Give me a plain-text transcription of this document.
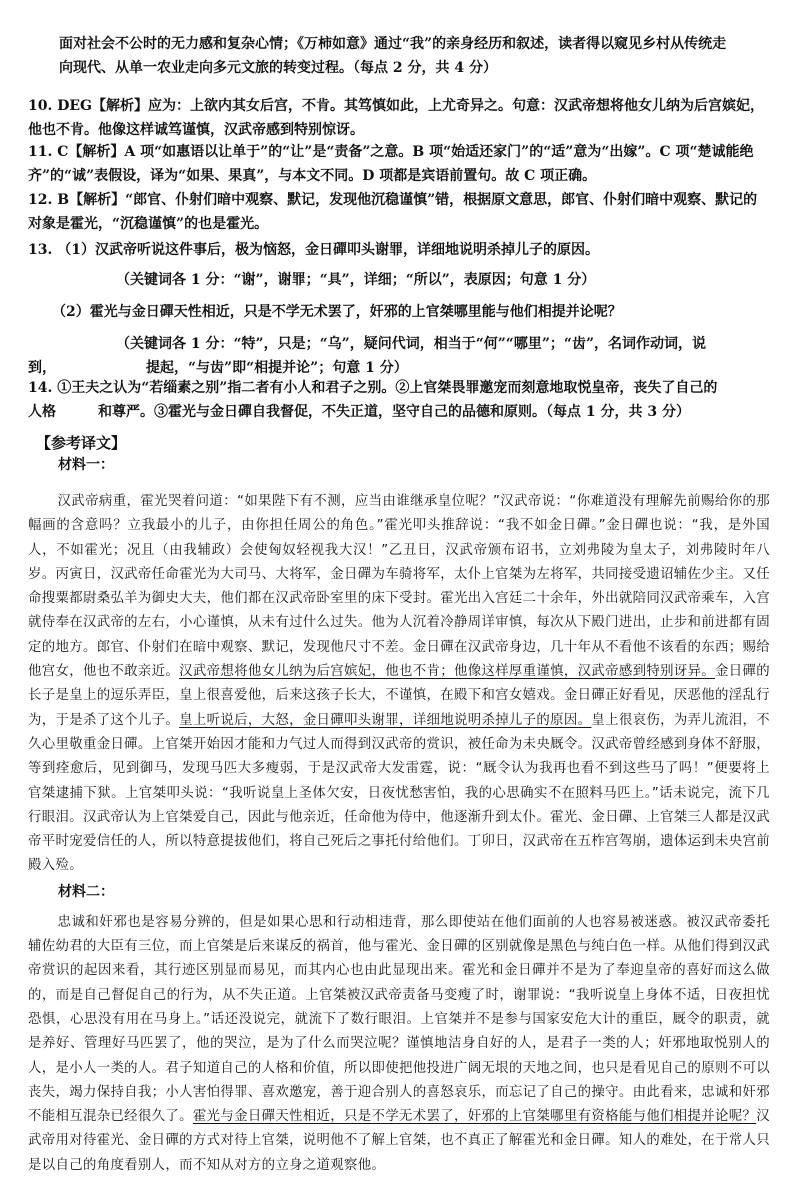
面对社会不公时的无力感和复杂心情；《万柿如意》通过“我”的亲身经历和叙述，读者得以窥见乡村从传统走

向现代、从单一农业走向多元文旅的转变过程。（每点 2 分，共 4 分）

10. DEG【解析】应为：上欲内其女后宫，不肯。其笃慎如此，上尤奇异之。句意：汉武帝想将他女儿纳为后宫嫔妃，他也不肯。他像这样诚笃谨慎，汉武帝感到特别惊讶。

11. C【解析】A 项“如惠语以让单于”的“让”是“责备”之意。B 项“始适还家门”的“适”意为“出嫁”。C 项“楚诚能绝齐”的“诚”表假设，译为“如果、果真”，与本文不同。D 项都是宾语前置句。故 C 项正确。

12. B【解析】“郎官、仆射们暗中观察、默记，发现他沉稳谨慎”错，根据原文意思，郎官、仆射们暗中观察、默记的对象是霍光，“沉稳谨慎”的也是霍光。

13. （1）汉武帝听说这件事后，极为恼怒，金日磾叩头谢罪，详细地说明杀掉儿子的原因。

（关键词各 1 分：“谢”，谢罪；“具”，详细；“所以”，表原因；句意 1 分）

（2）霍光与金日磾天性相近，只是不学无术罢了，奸邪的上官桀哪里能与他们相提并论呢？

（关键词各 1 分：“特”，只是；“乌”，疑问代词，相当于“何”“哪里”；“齿”，名词作动词，说

到，	提起，“与齿”即“相提并论”；句意 1 分）

14. ①王夫之认为“若缁素之别”指二者有小人和君子之别。②上官桀畏罪邀宠而刻意地取悦皇帝，丧失了自己的

人格　　　和尊严。③霍光与金日磾自我督促，不失正道，坚守自己的品德和原则。（每点 1 分，共 3 分）

【参考译文】

材料一：

汉武帝病重，霍光哭着问道：“如果陛下有不测，应当由谁继承皇位呢？”汉武帝说：“你难道没有理解先前赐给你的那幅画的含意吗？立我最小的儿子，由你担任周公的角色。”霍光叩头推辞说：“我不如金日磾。”金日磾也说：“我，是外国人，不如霍光；况且（由我辅政）会使匈奴轻视我大汉！”乙丑日，汉武帝颁布诏书，立刘弗陵为皇太子，刘弗陵时年八岁。丙寅日，汉武帝任命霍光为大司马、大将军，金日磾为车骑将军，太仆上官桀为左将军，共同接受遗诏辅佐少主。又任命搜粟都尉桑弘羊为御史大夫，他们都在汉武帝卧室里的床下受封。霍光出入宫廷二十余年，外出就陪同汉武帝乘车，入宫就侍奉在汉武帝的左右，小心谨慎，从未有过什么过失。他为人沉着冷静周详审慎，每次从下殿门进出，止步和前进都有固定的地方。郎官、仆射们在暗中观察、默记，发现他尺寸不差。金日磾在汉武帝身边，几十年从不看他不该看的东西；赐给他宫女，他也不敢亲近。汉武帝想将他女儿纳为后宫嫔妃，他也不肯；他像这样厚重谨慎，汉武帝感到特别讶异。金日磾的长子是皇上的逗乐弄臣，皇上很喜爱他，后来这孩子长大，不谨慎，在殿下和宫女嬉戏。金日磾正好看见，厌恶他的淫乱行为，于是杀了这个儿子。皇上听说后，大怒，金日磾叩头谢罪，详细地说明杀掉儿子的原因。皇上很哀伤，为弄儿流泪，不久心里敬重金日磾。上官桀开始因才能和力气过人而得到汉武帝的赏识，被任命为未央厩令。汉武帝曾经感到身体不舒服，等到痊愈后，见到御马，发现马匹大多瘦弱，于是汉武帝大发雷霆，说：“厩令认为我再也看不到这些马了吗！”便要将上官桀逮捕下狱。上官桀叩头说：“我听说皇上圣体欠安，日夜忧愁害怕，我的心思确实不在照料马匹上。”话未说完，流下几行眼泪。汉武帝认为上官桀爱自己，因此与他亲近，任命他为侍中，他逐渐升到太仆。霍光、金日磾、上官桀三人都是汉武帝平时宠爱信任的人，所以特意提拔他们，将自己死后之事托付给他们。丁卯日，汉武帝在五柞宫驾崩，遗体运到未央宫前殿入殓。

材料二：

忠诚和奸邪也是容易分辨的，但是如果心思和行动相违背，那么即使站在他们面前的人也容易被迷惑。被汉武帝委托辅佐幼君的大臣有三位，而上官桀是后来谋反的祸首，他与霍光、金日磾的区别就像是黑色与纯白色一样。从他们得到汉武帝赏识的起因来看，其行迹区别显而易见，而其内心也由此显现出来。霍光和金日磾并不是为了奉迎皇帝的喜好而这么做的，而是自己督促自己的行为，从不失正道。上官桀被汉武帝责备马变瘦了时，谢罪说：“我听说皇上身体不适，日夜担忧恐惧，心思没有用在马身上。”话还没说完，就流下了数行眼泪。上官桀并不是参与国家安危大计的重臣，厩令的职责，就是养好、管理好马匹罢了，他的哭泣，是为了什么而哭泣呢？谨慎地洁身自好的人，是君子一类的人；奸邪地取悦别人的人，是小人一类的人。君子知道自己的人格和价值，所以即使把他投进广阔无垠的天地之间，也只是看见自己的原则不可以丧失，竭力保持自我；小人害怕得罪、喜欢邀宠，善于迎合别人的喜怒哀乐，而忘记了自己的操守。由此看来，忠诚和奸邪不能相互混杂已经很久了。霍光与金日磾天性相近，只是不学无术罢了，奸邪的上官桀哪里有资格能与他们相提并论呢？汉武帝用对待霍光、金日磾的方式对待上官桀，说明他不了解上官桀，也不真正了解霍光和金日磾。知人的难处，在于常人只是以自己的角度看别人，而不知从对方的立身之道观察他。
